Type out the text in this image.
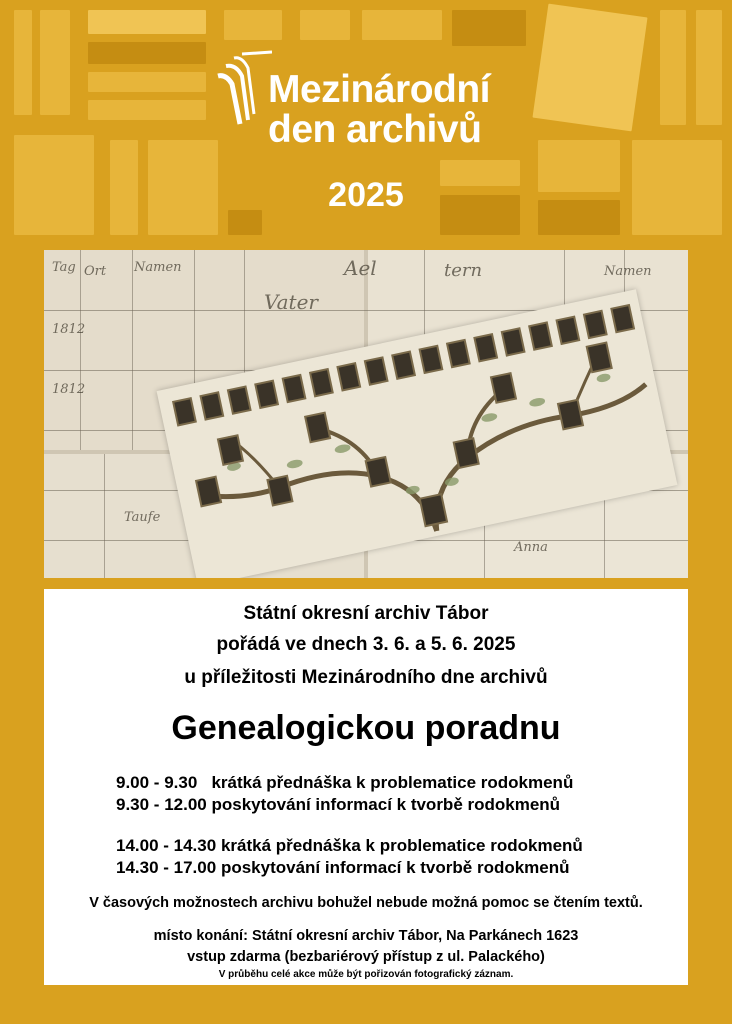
Mezinárodní
den archivů
2025
Tag Ort Namen
Vater
Ael	tern	Namen
1812
1812
Anna
Taufe
Státní okresní archiv Tábor
pořádá ve dnech 3. 6. a 5. 6. 2025
u příležitosti Mezinárodního dne archivů
Genealogickou poradnu
9.00 - 9.30   krátká přednáška k problematice rodokmenů
9.30 - 12.00 poskytování informací k tvorbě rodokmenů
14.00 - 14.30 krátká přednáška k problematice rodokmenů
14.30 - 17.00 poskytování informací k tvorbě rodokmenů
V časových možnostech archivu bohužel nebude možná pomoc se čtením textů.
místo konání: Státní okresní archiv Tábor, Na Parkánech 1623
vstup zdarma (bezbariérový přístup z ul. Palackého)
V průběhu celé akce může být pořizován fotografický záznam.
